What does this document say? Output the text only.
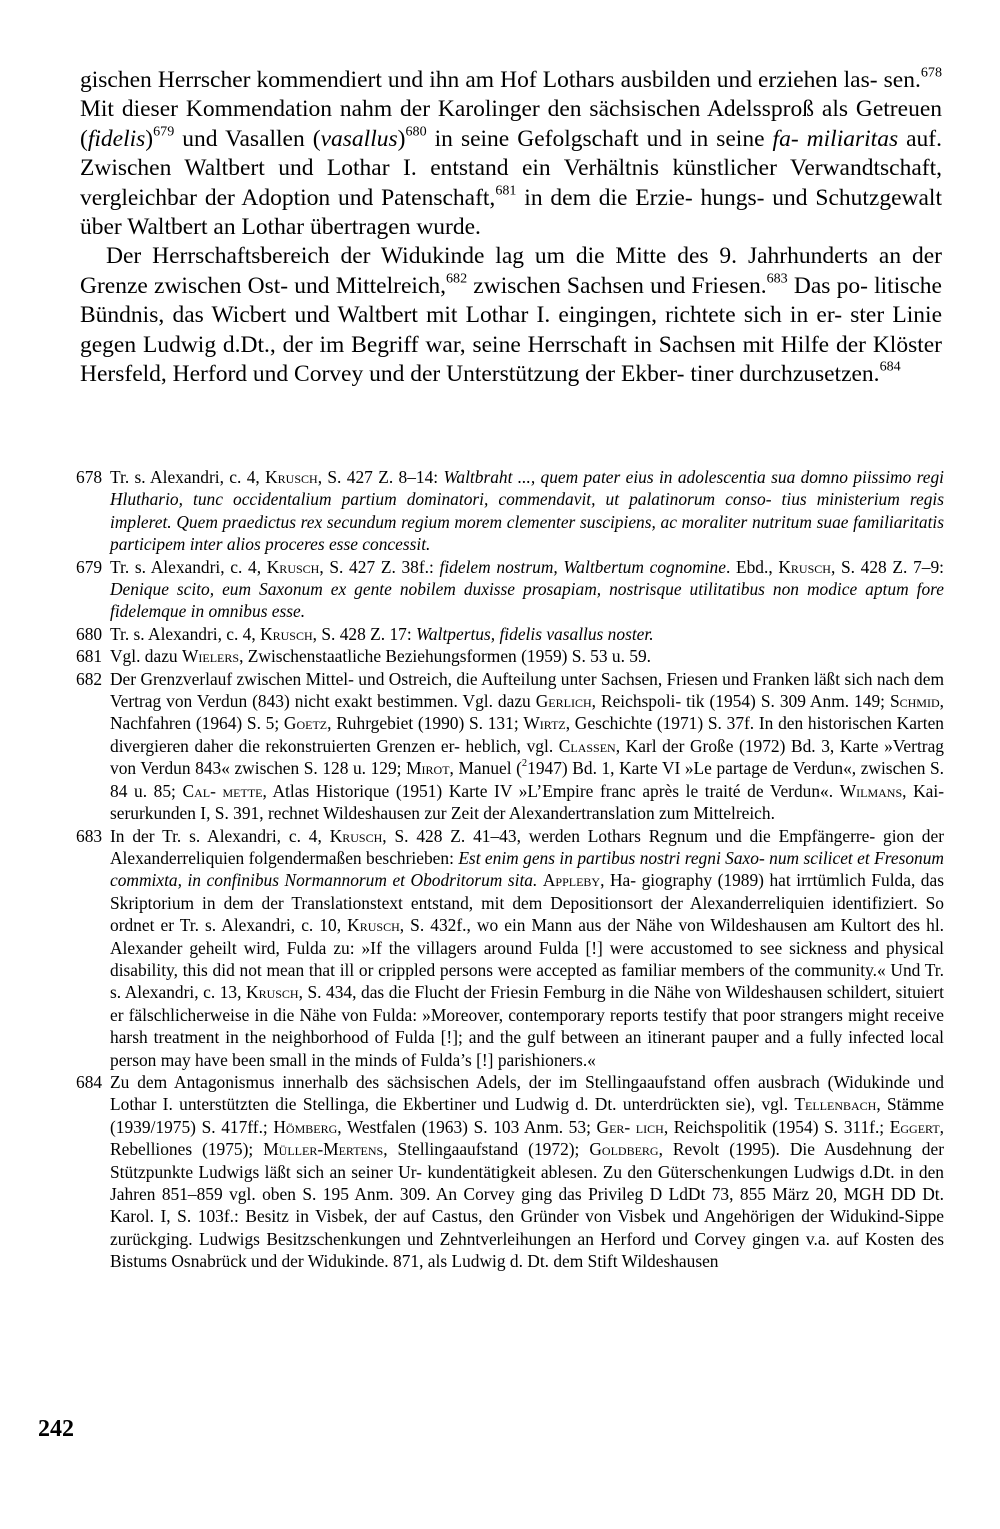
gischen Herrscher kommendiert und ihn am Hof Lothars ausbilden und erziehen las- sen.$^{678}$ Mit dieser Kommendation nahm der Karolinger den sächsischen Adelssproß als Getreuen (fidelis)$^{679}$ und Vasallen (vasallus)$^{680}$ in seine Gefolgschaft und in seine fa- miliaritas auf. Zwischen Waltbert und Lothar I. entstand ein Verhältnis künstlicher Verwandtschaft, vergleichbar der Adoption und Patenschaft,$^{681}$ in dem die Erzie- hungs- und Schutzgewalt über Waltbert an Lothar übertragen wurde.

Der Herrschaftsbereich der Widukinde lag um die Mitte des 9. Jahrhunderts an der Grenze zwischen Ost- und Mittelreich,$^{682}$ zwischen Sachsen und Friesen.$^{683}$ Das po- litische Bündnis, das Wicbert und Waltbert mit Lothar I. eingingen, richtete sich in er- ster Linie gegen Ludwig d.Dt., der im Begriff war, seine Herrschaft in Sachsen mit Hilfe der Klöster Hersfeld, Herford und Corvey und der Unterstützung der Ekber- tiner durchzusetzen.$^{684}$

678 Tr. s. Alexandri, c. 4, Krusch, S. 427 Z. 8–14: Waltbraht ..., quem pater eius in adolescentia sua domno piissimo regi Hluthario, tunc occidentalium partium dominatori, commendavit, ut palatinorum conso- tius ministerium regis impleret. Quem praedictus rex secundum regium morem clementer suscipiens, ac moraliter nutritum suae familiaritatis participem inter alios proceres esse concessit.

679 Tr. s. Alexandri, c. 4, Krusch, S. 427 Z. 38f.: fidelem nostrum, Waltbertum cognomine. Ebd., Krusch, S. 428 Z. 7–9: Denique scito, eum Saxonum ex gente nobilem duxisse prosapiam, nostrisque utilitatibus non modice aptum fore fidelemque in omnibus esse.

680 Tr. s. Alexandri, c. 4, Krusch, S. 428 Z. 17: Waltpertus, fidelis vasallus noster.

681 Vgl. dazu Wielers, Zwischenstaatliche Beziehungsformen (1959) S. 53 u. 59.

682 Der Grenzverlauf zwischen Mittel- und Ostreich, die Aufteilung unter Sachsen, Friesen und Franken läßt sich nach dem Vertrag von Verdun (843) nicht exakt bestimmen. Vgl. dazu Gerlich, Reichspoli- tik (1954) S. 309 Anm. 149; Schmid, Nachfahren (1964) S. 5; Goetz, Ruhrgebiet (1990) S. 131; Wirtz, Geschichte (1971) S. 37f. In den historischen Karten divergieren daher die rekonstruierten Grenzen er- heblich, vgl. Classen, Karl der Große (1972) Bd. 3, Karte »Vertrag von Verdun 843« zwischen S. 128 u. 129; Mirot, Manuel ($^2$1947) Bd. 1, Karte VI »Le partage de Verdun«, zwischen S. 84 u. 85; Cal- mette, Atlas Historique (1951) Karte IV »L’Empire franc après le traité de Verdun«. Wilmans, Kai- serurkunden I, S. 391, rechnet Wildeshausen zur Zeit der Alexandertranslation zum Mittelreich.

683 In der Tr. s. Alexandri, c. 4, Krusch, S. 428 Z. 41–43, werden Lothars Regnum und die Empfängerre- gion der Alexanderreliquien folgendermaßen beschrieben: Est enim gens in partibus nostri regni Saxo- num scilicet et Fresonum commixta, in confinibus Normannorum et Obodritorum sita. Appleby, Ha- giography (1989) hat irrtümlich Fulda, das Skriptorium in dem der Translationstext entstand, mit dem Depositionsort der Alexanderreliquien identifiziert. So ordnet er Tr. s. Alexandri, c. 10, Krusch, S. 432f., wo ein Mann aus der Nähe von Wildeshausen am Kultort des hl. Alexander geheilt wird, Fulda zu: »If the villagers around Fulda [!] were accustomed to see sickness and physical disability, this did not mean that ill or crippled persons were accepted as familiar members of the community.« Und Tr. s. Alexandri, c. 13, Krusch, S. 434, das die Flucht der Friesin Femburg in die Nähe von Wildeshausen schildert, situiert er fälschlicherweise in die Nähe von Fulda: »Moreover, contemporary reports testify that poor strangers might receive harsh treatment in the neighborhood of Fulda [!]; and the gulf between an itinerant pauper and a fully infected local person may have been small in the minds of Fulda’s [!] parishioners.«

684 Zu dem Antagonismus innerhalb des sächsischen Adels, der im Stellingaaufstand offen ausbrach (Widukinde und Lothar I. unterstützten die Stellinga, die Ekbertiner und Ludwig d. Dt. unterdrückten sie), vgl. Tellenbach, Stämme (1939/1975) S. 417ff.; Hömberg, Westfalen (1963) S. 103 Anm. 53; Ger- lich, Reichspolitik (1954) S. 311f.; Eggert, Rebelliones (1975); Müller-Mertens, Stellingaaufstand (1972); Goldberg, Revolt (1995). Die Ausdehnung der Stützpunkte Ludwigs läßt sich an seiner Ur- kundentätigkeit ablesen. Zu den Güterschenkungen Ludwigs d.Dt. in den Jahren 851–859 vgl. oben S. 195 Anm. 309. An Corvey ging das Privileg D LdDt 73, 855 März 20, MGH DD Dt. Karol. I, S. 103f.: Besitz in Visbek, der auf Castus, den Gründer von Visbek und Angehörigen der Widukind-Sippe zurückging. Ludwigs Besitzschenkungen und Zehntverleihungen an Herford und Corvey gingen v.a. auf Kosten des Bistums Osnabrück und der Widukinde. 871, als Ludwig d. Dt. dem Stift Wildeshausen

242
